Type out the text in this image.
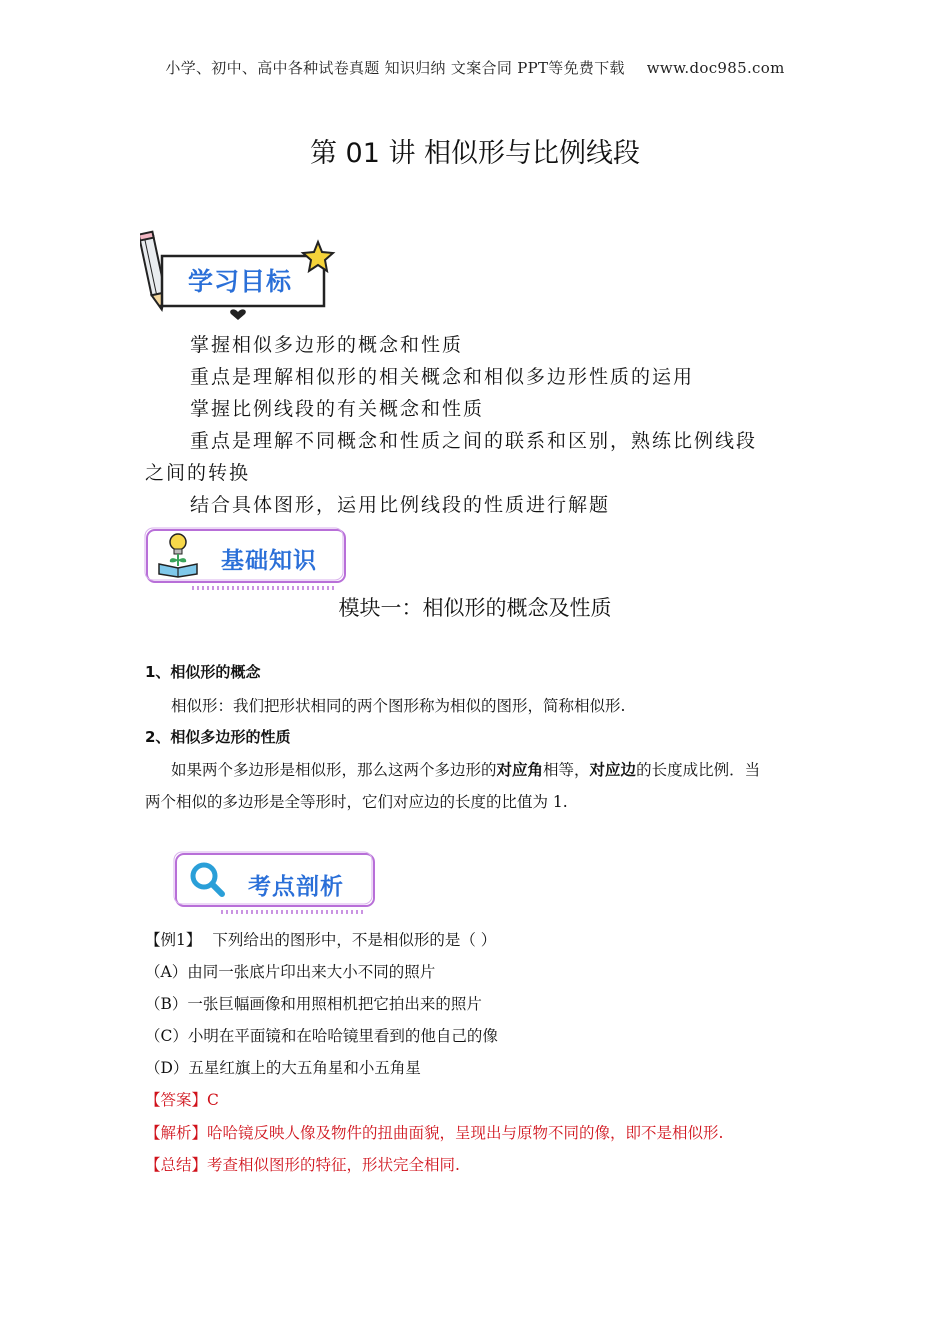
小学、初中、高中各种试卷真题 知识归纳 文案合同 PPT等免费下载 www.doc985.com
第 01 讲 相似形与比例线段
学习目标
掌握相似多边形的概念和性质
重点是理解相似形的相关概念和相似多边形性质的运用
掌握比例线段的有关概念和性质
重点是理解不同概念和性质之间的联系和区别，熟练比例线段
之间的转换
结合具体图形，运用比例线段的性质进行解题
基础知识
模块一：相似形的概念及性质
1、相似形的概念
相似形：我们把形状相同的两个图形称为相似的图形，简称相似形.
2、相似多边形的性质
如果两个多边形是相似形，那么这两个多边形的对应角相等，对应边的长度成比例．当
两个相似的多边形是全等形时，它们对应边的长度的比值为 1.
考点剖析
【例1】 下列给出的图形中，不是相似形的是（ ）
（A）由同一张底片印出来大小不同的照片
（B）一张巨幅画像和用照相机把它拍出来的照片
（C）小明在平面镜和在哈哈镜里看到的他自己的像
（D）五星红旗上的大五角星和小五角星
【答案】C
【解析】哈哈镜反映人像及物件的扭曲面貌，呈现出与原物不同的像，即不是相似形.
【总结】考查相似图形的特征，形状完全相同.
